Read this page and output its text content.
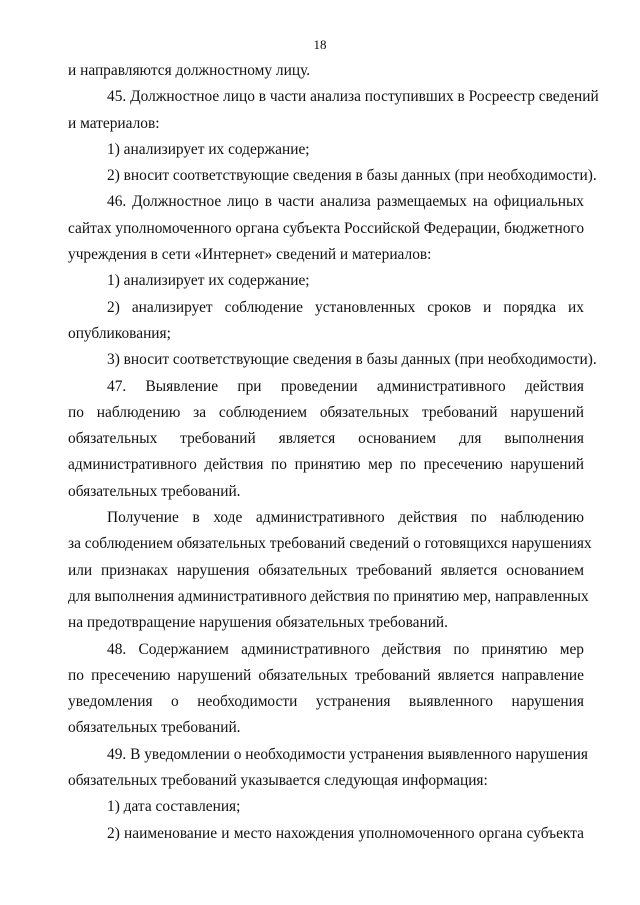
18
и направляются должностному лицу.
45. Должностное лицо в части анализа поступивших в Росреестр сведений
и материалов:
1) анализирует их содержание;
2) вносит соответствующие сведения в базы данных (при необходимости).
46. Должностное лицо в части анализа размещаемых на официальных
сайтах уполномоченного органа субъекта Российской Федерации, бюджетного
учреждения в сети «Интернет» сведений и материалов:
1) анализирует их содержание;
2) анализирует соблюдение установленных сроков и порядка их
опубликования;
3) вносит соответствующие сведения в базы данных (при необходимости).
47. Выявление при проведении административного действия
по наблюдению за соблюдением обязательных требований нарушений
обязательных требований является основанием для выполнения
административного действия по принятию мер по пресечению нарушений
обязательных требований.
Получение в ходе административного действия по наблюдению
за соблюдением обязательных требований сведений о готовящихся нарушениях
или признаках нарушения обязательных требований является основанием
для выполнения административного действия по принятию мер, направленных
на предотвращение нарушения обязательных требований.
48. Содержанием административного действия по принятию мер
по пресечению нарушений обязательных требований является направление
уведомления о необходимости устранения выявленного нарушения
обязательных требований.
49. В уведомлении о необходимости устранения выявленного нарушения
обязательных требований указывается следующая информация:
1) дата составления;
2) наименование и место нахождения уполномоченного органа субъекта
